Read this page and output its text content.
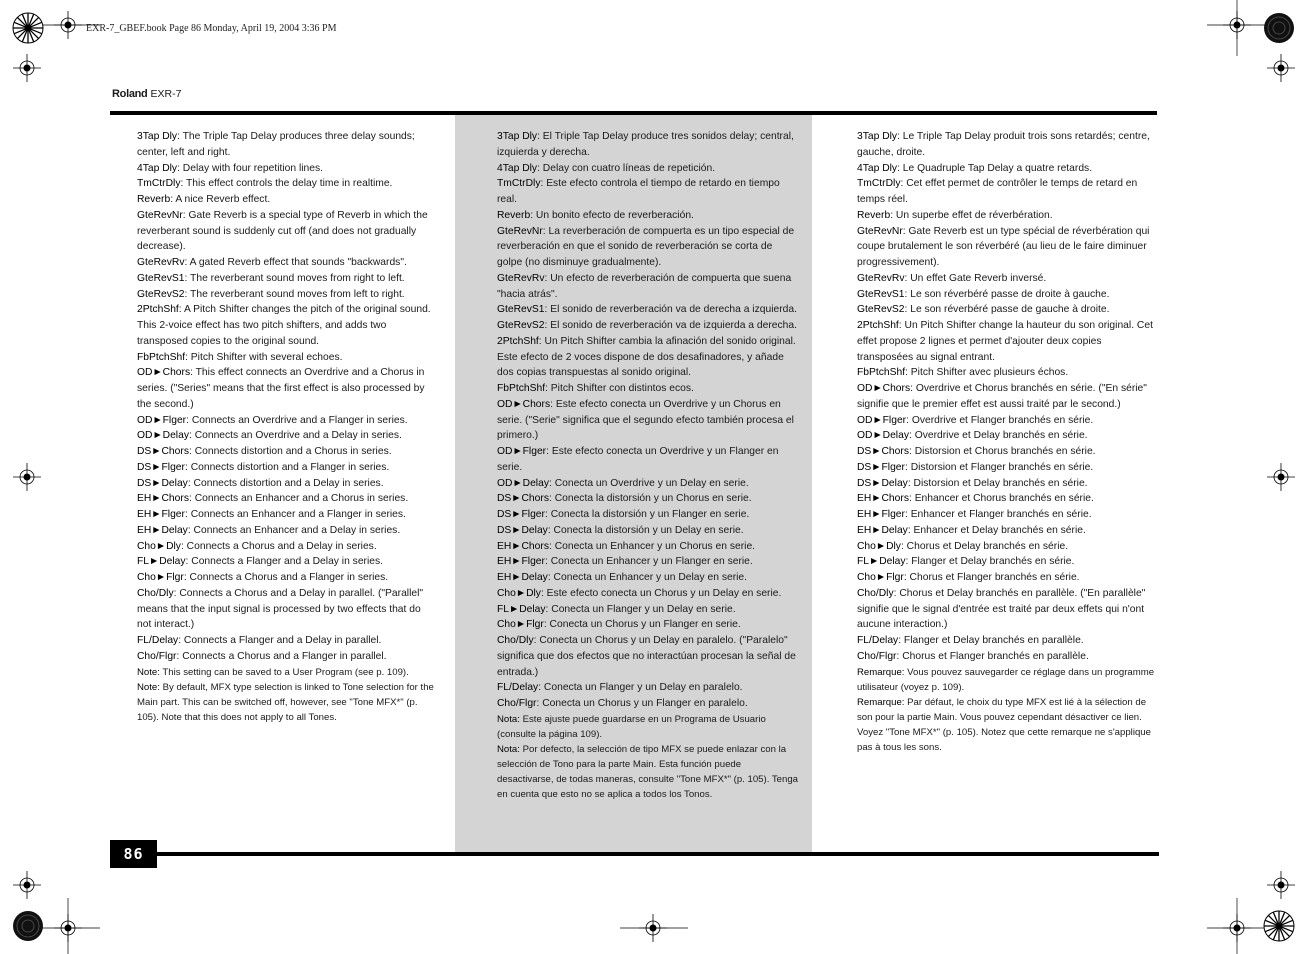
EXR-7_GBEF.book Page 86 Monday, April 19, 2004 3:36 PM
Roland EXR-7

3Tap Dly: The Triple Tap Delay produces three delay sounds; center, left and right.

4Tap Dly: Delay with four repetition lines.

TmCtrDly: This effect controls the delay time in realtime.

Reverb: A nice Reverb effect.

GteRevNr: Gate Reverb is a special type of Reverb in which the reverberant sound is suddenly cut off (and does not gradually decrease).

GteRevRv: A gated Reverb effect that sounds "backwards".

GteRevS1: The reverberant sound moves from right to left.

GteRevS2: The reverberant sound moves from left to right.

2PtchShf: A Pitch Shifter changes the pitch of the original sound. This 2-voice effect has two pitch shifters, and adds two transposed copies to the original sound.

FbPtchShf: Pitch Shifter with several echoes.

OD►Chors: This effect connects an Overdrive and a Chorus in series. ("Series" means that the first effect is also processed by the second.)

OD►Flger: Connects an Overdrive and a Flanger in series.

OD►Delay: Connects an Overdrive and a Delay in series.

DS►Chors: Connects distortion and a Chorus in series.

DS►Flger: Connects distortion and a Flanger in series.

DS►Delay: Connects distortion and a Delay in series.

EH►Chors: Connects an Enhancer and a Chorus in series.

EH►Flger: Connects an Enhancer and a Flanger in series.

EH►Delay: Connects an Enhancer and a Delay in series.

Cho►Dly: Connects a Chorus and a Delay in series.

FL►Delay: Connects a Flanger and a Delay in series.

Cho►Flgr: Connects a Chorus and a Flanger in series.

Cho/Dly: Connects a Chorus and a Delay in parallel. ("Parallel" means that the input signal is processed by two effects that do not interact.)

FL/Delay: Connects a Flanger and a Delay in parallel.

Cho/Flgr: Connects a Chorus and a Flanger in parallel.

Note: This setting can be saved to a User Program (see p. 109).

Note: By default, MFX type selection is linked to Tone selection for the Main part. This can be switched off, however, see "Tone MFX*" (p. 105). Note that this does not apply to all Tones.

3Tap Dly: El Triple Tap Delay produce tres sonidos delay; central, izquierda y derecha.

4Tap Dly: Delay con cuatro líneas de repetición.

TmCtrDly: Este efecto controla el tiempo de retardo en tiempo real.

Reverb: Un bonito efecto de reverberación.

GteRevNr: La reverberación de compuerta es un tipo especial de reverberación en que el sonido de reverberación se corta de golpe (no disminuye gradualmente).

GteRevRv: Un efecto de reverberación de compuerta que suena "hacia atrás".

GteRevS1: El sonido de reverberación va de derecha a izquierda.

GteRevS2: El sonido de reverberación va de izquierda a derecha.

2PtchShf: Un Pitch Shifter cambia la afinación del sonido original. Este efecto de 2 voces dispone de dos desafinadores, y añade dos copias transpuestas al sonido original.

FbPtchShf: Pitch Shifter con distintos ecos.

OD►Chors: Este efecto conecta un Overdrive y un Chorus en serie. ("Serie" significa que el segundo efecto también procesa el primero.)

OD►Flger: Este efecto conecta un Overdrive y un Flanger en serie.

OD►Delay: Conecta un Overdrive y un Delay en serie.

DS►Chors: Conecta la distorsión y un Chorus en serie.

DS►Flger: Conecta la distorsión y un Flanger en serie.

DS►Delay: Conecta la distorsión y un Delay en serie.

EH►Chors: Conecta un Enhancer y un Chorus en serie.

EH►Flger: Conecta un Enhancer y un Flanger en serie.

EH►Delay: Conecta un Enhancer y un Delay en serie.

Cho►Dly: Este efecto conecta un Chorus y un Delay en serie.

FL►Delay: Conecta un Flanger y un Delay en serie.

Cho►Flgr: Conecta un Chorus y un Flanger en serie.

Cho/Dly: Conecta un Chorus y un Delay en paralelo. ("Paralelo" significa que dos efectos que no interactúan procesan la señal de entrada.)

FL/Delay: Conecta un Flanger y un Delay en paralelo.

Cho/Flgr: Conecta un Chorus y un Flanger en paralelo.

Nota: Este ajuste puede guardarse en un Programa de Usuario (consulte la página 109).

Nota: Por defecto, la selección de tipo MFX se puede enlazar con la selección de Tono para la parte Main. Esta función puede desactivarse, de todas maneras, consulte "Tone MFX*" (p. 105). Tenga en cuenta que esto no se aplica a todos los Tonos.

3Tap Dly: Le Triple Tap Delay produit trois sons retardés; centre, gauche, droite.

4Tap Dly: Le Quadruple Tap Delay a quatre retards.

TmCtrDly: Cet effet permet de contrôler le temps de retard en temps réel.

Reverb: Un superbe effet de réverbération.

GteRevNr: Gate Reverb est un type spécial de réverbération qui coupe brutalement le son réverbéré (au lieu de le faire diminuer progressivement).

GteRevRv: Un effet Gate Reverb inversé.

GteRevS1: Le son réverbéré passe de droite à gauche.

GteRevS2: Le son réverbéré passe de gauche à droite.

2PtchShf: Un Pitch Shifter change la hauteur du son original. Cet effet propose 2 lignes et permet d'ajouter deux copies transposées au signal entrant.

FbPtchShf: Pitch Shifter avec plusieurs échos.

OD►Chors: Overdrive et Chorus branchés en série. ("En série" signifie que le premier effet est aussi traité par le second.)

OD►Flger: Overdrive et Flanger branchés en série.

OD►Delay: Overdrive et Delay branchés en série.

DS►Chors: Distorsion et Chorus branchés en série.

DS►Flger: Distorsion et Flanger branchés en série.

DS►Delay: Distorsion et Delay branchés en série.

EH►Chors: Enhancer et Chorus branchés en série.

EH►Flger: Enhancer et Flanger branchés en série.

EH►Delay: Enhancer et Delay branchés en série.

Cho►Dly: Chorus et Delay branchés en série.

FL►Delay: Flanger et Delay branchés en série.

Cho►Flgr: Chorus et Flanger branchés en série.

Cho/Dly: Chorus et Delay branchés en parallèle. ("En parallèle" signifie que le signal d'entrée est traité par deux effets qui n'ont aucune interaction.)

FL/Delay: Flanger et Delay branchés en parallèle.

Cho/Flgr: Chorus et Flanger branchés en parallèle.

Remarque: Vous pouvez sauvegarder ce réglage dans un programme utilisateur (voyez p. 109).

Remarque: Par défaut, le choix du type MFX est lié à la sélection de son pour la partie Main. Vous pouvez cependant désactiver ce lien. Voyez "Tone MFX*" (p. 105). Notez que cette remarque ne s'applique pas à tous les sons.

86
